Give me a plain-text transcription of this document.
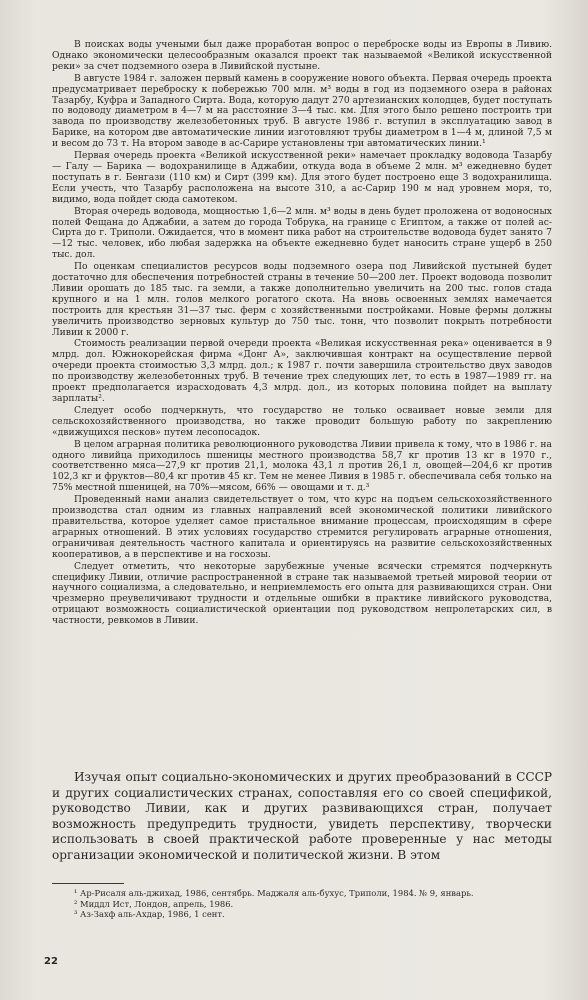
В поисках воды учеными был даже проработан вопрос о переброске воды из Европы в Ливию. Однако экономически целесообразным оказался проект так называемой «Великой искусственной реки» за счет подземного озера в Ливийской пустыне.

В августе 1984 г. заложен первый камень в сооружение нового объекта. Первая очередь проекта предусматривает переброску к побережью 700 млн. м³ воды в год из подземного озера в районах Тазарбу, Куфра и Западного Сирта. Вода, которую дадут 270 артезианских колодцев, будет поступать по водоводу диаметром в 4—7 м на расстояние 3—4 тыс. км. Для этого было решено построить три завода по производству железобетонных труб. В августе 1986 г. вступил в эксплуатацию завод в Барике, на котором две автоматические линии изготовляют трубы диаметром в 1—4 м, длиной 7,5 м и весом до 73 т. На втором заводе в ас-Сарире установлены три автоматических линии.¹

Первая очередь проекта «Великой искусственной реки» намечает прокладку водовода Тазарбу — Галу — Барика — водохранилище в Аджабии, откуда вода в объеме 2 млн. м³ ежедневно будет поступать в г. Бенгази (110 км) и Сирт (399 км). Для этого будет построено еще 3 водохранилища. Если учесть, что Тазарбу расположена на высоте 310, а ас-Сарир 190 м над уровнем моря, то, видимо, вода пойдет сюда самотеком.

Вторая очередь водовода, мощностью 1,6—2 млн. м³ воды в день будет проложена от водоносных полей Фещана до Аджабии, а затем до города Тобрука, на границе с Египтом, а также от полей ас-Сирта до г. Триполи. Ожидается, что в момент пика работ на строительстве водовода будет занято 7—12 тыс. человек, ибо любая задержка на объекте ежедневно будет наносить стране ущерб в 250 тыс. дол.

По оценкам специалистов ресурсов воды подземного озера под Ливийской пустыней будет достаточно для обеспечения потребностей страны в течение 50—200 лет. Проект водовода позволит Ливии орошать до 185 тыс. га земли, а также дополнительно увеличить на 200 тыс. голов стада крупного и на 1 млн. голов мелкого рогатого скота. На вновь освоенных землях намечается построить для крестьян 31—37 тыс. ферм с хозяйственными постройками. Новые фермы должны увеличить производство зерновых культур до 750 тыс. тонн, что позволит покрыть потребности Ливии к 2000 г.

Стоимость реализации первой очереди проекта «Великая искусственная река» оценивается в 9 млрд. дол. Южнокорейская фирма «Донг А», заключившая контракт на осуществление первой очереди проекта стоимостью 3,3 млрд. дол.; к 1987 г. почти завершила строительство двух заводов по производству железобетонных труб. В течение трех следующих лет, то есть в 1987—1989 гг. на проект предполагается израсходовать 4,3 млрд. дол., из которых половина пойдет на выплату зарплаты².

Следует особо подчеркнуть, что государство не только осваивает новые земли для сельскохозяйственного производства, но также проводит большую работу по закреплению «движущихся песков» путем лесопосадок.

В целом аграрная политика революционного руководства Ливии привела к тому, что в 1986 г. на одного ливийца приходилось пшеницы местного производства 58,7 кг против 13 кг в 1970 г., соответственно мяса—27,9 кг против 21,1, молока 43,1 л против 26,1 л, овощей—204,6 кг против 102,3 кг и фруктов—80,4 кг против 45 кг. Тем не менее Ливия в 1985 г. обеспечивала себя только на 75% местной пшеницей, на 70%—мясом, 66% — овощами и т. д.³

Проведенный нами анализ свидетельствует о том, что курс на подъем сельскохозяйственного производства стал одним из главных направлений всей экономической политики ливийского правительства, которое уделяет самое пристальное внимание процессам, происходящим в сфере аграрных отношений. В этих условиях государство стремится регулировать аграрные отношения, ограничивая деятельность частного капитала и ориентируясь на развитие сельскохозяйственных кооперативов, а в перспективе и на госхозы.

Следует отметить, что некоторые зарубежные ученые всячески стремятся подчеркнуть специфику Ливии, отличие распространенной в стране так называемой третьей мировой теории от научного социализма, а следовательно, и неприемлемость его опыта для развивающихся стран. Они чрезмерно преувеличивают трудности и отдельные ошибки в практике ливийского руководства, отрицают возможность социалистической ориентации под руководством непролетарских сил, в частности, ревкомов в Ливии.

Изучая опыт социально-экономических и других преобразований в СССР и других социалистических странах, сопоставляя его со своей спецификой, руководство Ливии, как и других развивающихся стран, получает возможность предупредить трудности, увидеть перспективу, творчески использовать в своей практической работе проверенные у нас методы организации экономической и политической жизни. В этом

¹ Ар-Рисаля аль-джихад, 1986, сентябрь. Маджаля аль-бухус, Триполи, 1984. № 9, январь.

² Миддл Ист, Лондон, апрель, 1986.

³ Аз-Захф аль-Ахдар, 1986, 1 сент.

22
